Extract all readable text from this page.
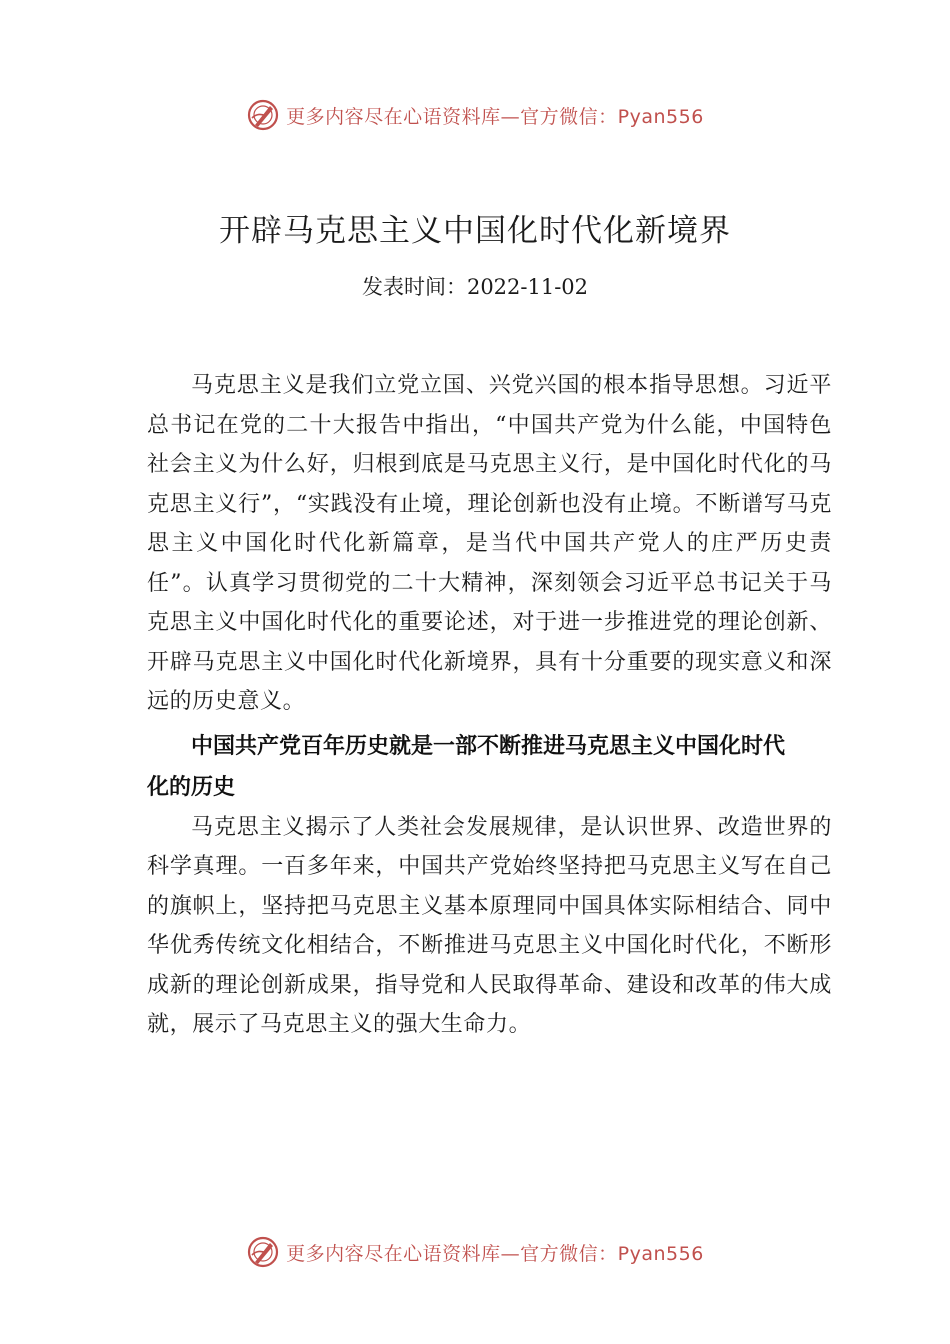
更多内容尽在心语资料库—官方微信：Pyan556
开辟马克思主义中国化时代化新境界
发表时间：2022-11-02

马克思主义是我们立党立国、兴党兴国的根本指导思想。习近平总书记在党的二十大报告中指出，“中国共产党为什么能，中国特色社会主义为什么好，归根到底是马克思主义行，是中国化时代化的马克思主义行”，“实践没有止境，理论创新也没有止境。不断谱写马克思主义中国化时代化新篇章，是当代中国共产党人的庄严历史责任”。认真学习贯彻党的二十大精神，深刻领会习近平总书记关于马克思主义中国化时代化的重要论述，对于进一步推进党的理论创新、开辟马克思主义中国化时代化新境界，具有十分重要的现实意义和深远的历史意义。

中国共产党百年历史就是一部不断推进马克思主义中国化时代化的历史

马克思主义揭示了人类社会发展规律，是认识世界、改造世界的科学真理。一百多年来，中国共产党始终坚持把马克思主义写在自己的旗帜上，坚持把马克思主义基本原理同中国具体实际相结合、同中华优秀传统文化相结合，不断推进马克思主义中国化时代化，不断形成新的理论创新成果，指导党和人民取得革命、建设和改革的伟大成就，展示了马克思主义的强大生命力。

更多内容尽在心语资料库—官方微信：Pyan556
